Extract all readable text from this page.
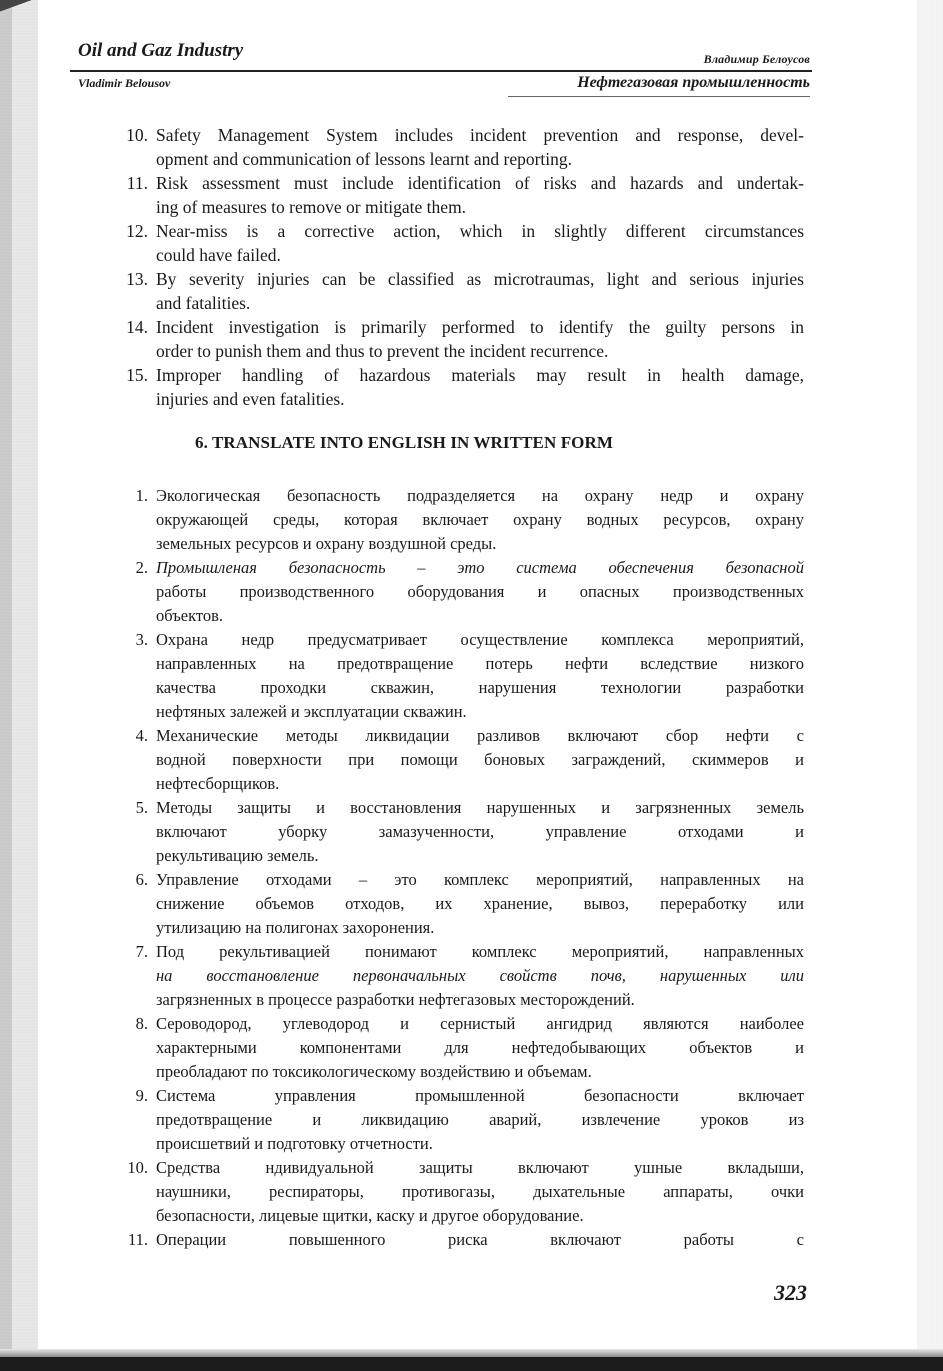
Oil and Gaz Industry	Владимир Белоусов
Vladimir Belousov	Нефтегазовая промышленность
10. Safety Management System includes incident prevention and response, devel-
opment and communication of lessons learnt and reporting.
11. Risk assessment must include identification of risks and hazards and undertak-
ing of measures to remove or mitigate them.
12. Near-miss is a corrective action, which in slightly different circumstances
could have failed.
13. By severity injuries can be classified as microtraumas, light and serious injuries
and fatalities.
14. Incident investigation is primarily performed to identify the guilty persons in
order to punish them and thus to prevent the incident recurrence.
15. Improper handling of hazardous materials may result in health damage,
injuries and even fatalities.
6. TRANSLATE INTO ENGLISH IN WRITTEN FORM
1. Экологическая безопасность подразделяется на охрану недр и охрану
окружающей среды, которая включает охрану водных ресурсов, охрану
земельных ресурсов и охрану воздушной среды.
2. Промышленая безопасность – это система обеспечения безопасной
работы производственного оборудования и опасных производственных
объектов.
3. Охрана недр предусматривает осуществление комплекса мероприятий,
направленных на предотвращение потерь нефти вследствие низкого
качества проходки скважин, нарушения технологии разработки
нефтяных залежей и эксплуатации скважин.
4. Механические методы ликвидации разливов включают сбор нефти с
водной поверхности при помощи боновых заграждений, скиммеров и
нефтесборщиков.
5. Методы защиты и восстановления нарушенных и загрязненных земель
включают уборку замазученности, управление отходами и
рекультивацию земель.
6. Управление отходами – это комплекс мероприятий, направленных на
снижение объемов отходов, их хранение, вывоз, переработку или
утилизацию на полигонах захоронения.
7. Под рекультивацией понимают комплекс мероприятий, направленных
на восстановление первоначальных свойств почв, нарушенных или
загрязненных в процессе разработки нефтегазовых месторождений.
8. Сероводород, углеводород и сернистый ангидрид являются наиболее
характерными компонентами для нефтедобывающих объектов и
преобладают по токсикологическому воздействию и объемам.
9. Система управления промышленной безопасности включает
предотвращение и ликвидацию аварий, извлечение уроков из
происшетвий и подготовку отчетности.
10. Средства ндивидуальной защиты включают ушные вкладыши,
наушники, респираторы, противогазы, дыхательные аппараты, очки
безопасности, лицевые щитки, каску и другое оборудование.
11. Операции повышенного риска включают работы с
323
